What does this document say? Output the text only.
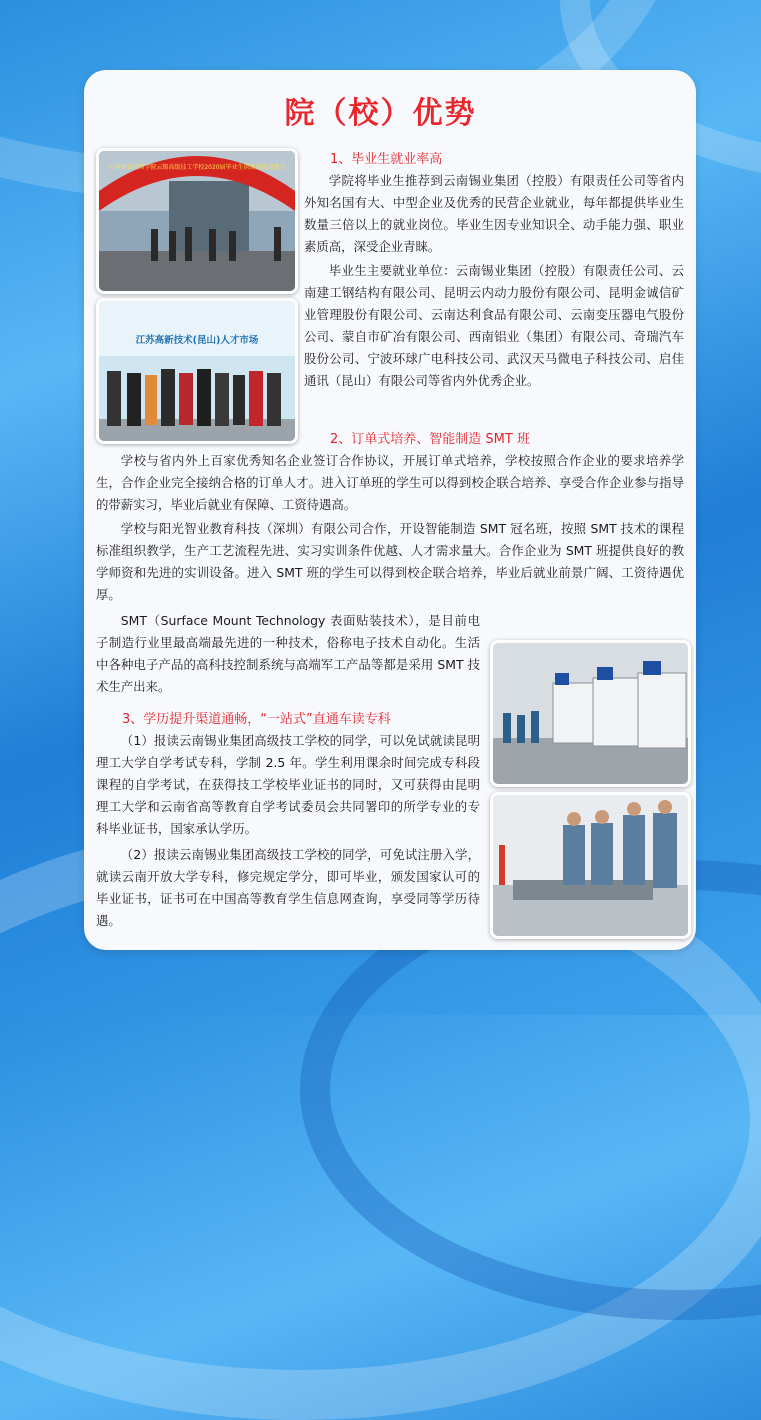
院（校）优势
云南锡业技师学院云锡高级技工学校2020届毕业生供需见面双选会
江苏高新技术(昆山)人才市场
1、毕业生就业率高
学院将毕业生推荐到云南锡业集团（控股）有限责任公司等省内外知名国有大、中型企业及优秀的民营企业就业，每年都提供毕业生数量三倍以上的就业岗位。毕业生因专业知识全、动手能力强、职业素质高，深受企业青睐。
毕业生主要就业单位：云南锡业集团（控股）有限责任公司、云南建工钢结构有限公司、昆明云内动力股份有限公司、昆明金诚信矿业管理股份有限公司、云南达利食品有限公司、云南变压器电气股份公司、蒙自市矿冶有限公司、西南铝业（集团）有限公司、奇瑞汽车股份公司、宁波环球广电科技公司、武汉天马微电子科技公司、启佳通讯（昆山）有限公司等省内外优秀企业。
2、订单式培养、智能制造 SMT 班
学校与省内外上百家优秀知名企业签订合作协议，开展订单式培养，学校按照合作企业的要求培养学生，合作企业完全接纳合格的订单人才。进入订单班的学生可以得到校企联合培养、享受合作企业参与指导的带薪实习，毕业后就业有保障、工资待遇高。
学校与阳光智业教育科技（深圳）有限公司合作，开设智能制造 SMT 冠名班，按照 SMT 技术的课程标准组织教学，生产工艺流程先进、实习实训条件优越、人才需求量大。合作企业为 SMT 班提供良好的教学师资和先进的实训设备。进入 SMT 班的学生可以得到校企联合培养，毕业后就业前景广阔、工资待遇优厚。
SMT（Surface Mount Technology 表面贴装技术），是目前电子制造行业里最高端最先进的一种技术，俗称电子技术自动化。生活中各种电子产品的高科技控制系统与高端军工产品等都是采用 SMT 技术生产出来。
3、学历提升渠道通畅，“一站式”直通车读专科
（1）报读云南锡业集团高级技工学校的同学，可以免试就读昆明理工大学自学考试专科，学制 2.5 年。学生利用课余时间完成专科段课程的自学考试，在获得技工学校毕业证书的同时，又可获得由昆明理工大学和云南省高等教育自学考试委员会共同署印的所学专业的专科毕业证书，国家承认学历。
（2）报读云南锡业集团高级技工学校的同学，可免试注册入学，就读云南开放大学专科，修完规定学分，即可毕业，颁发国家认可的毕业证书，证书可在中国高等教育学生信息网查询，享受同等学历待遇。
